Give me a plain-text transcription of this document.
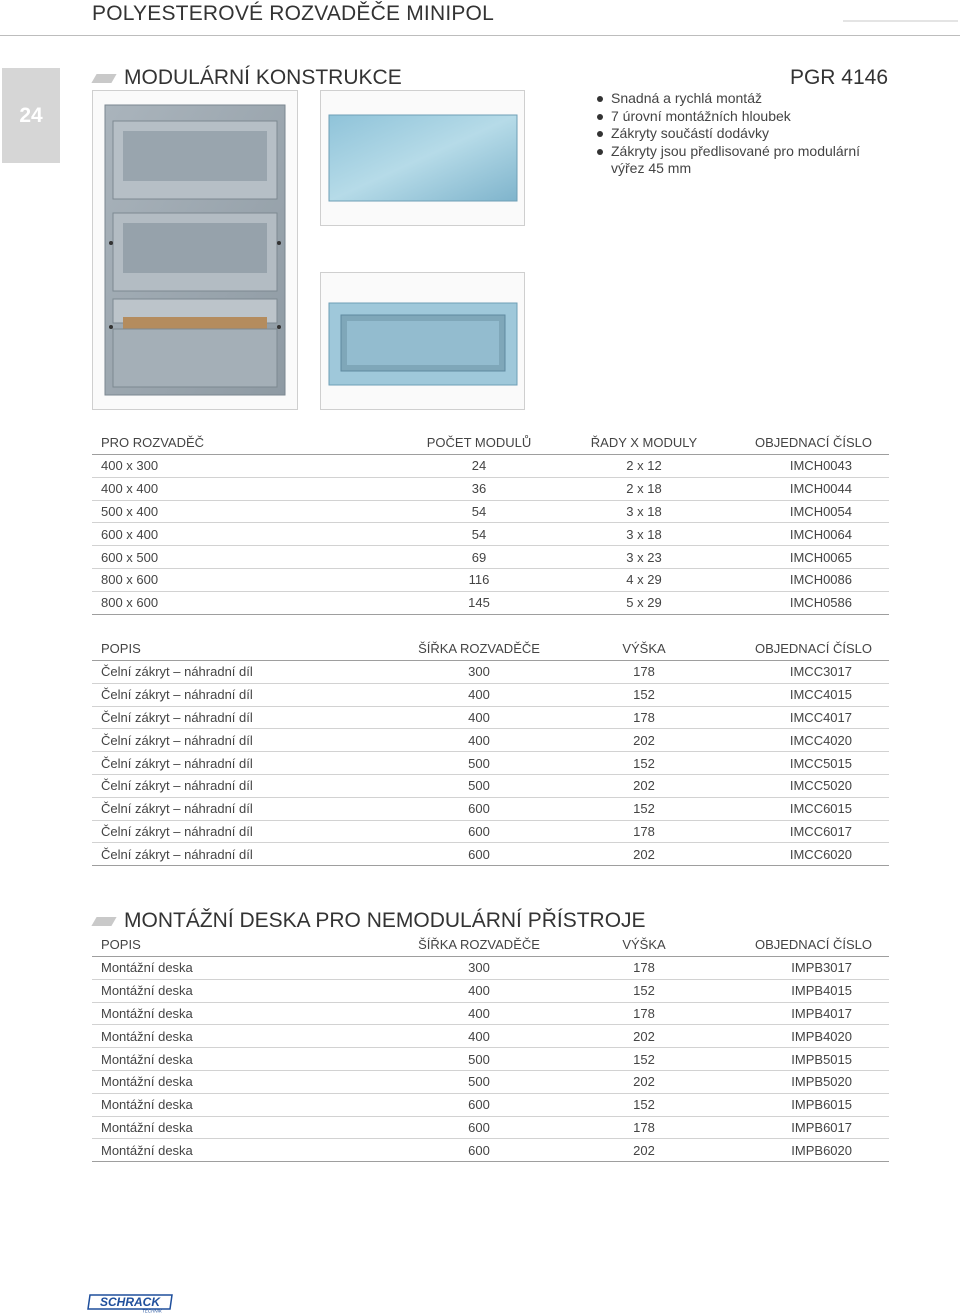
POLYESTEROVÉ ROZVADĚČE MINIPOL
24
MODULÁRNÍ KONSTRUKCE	PGR 4146
Snadná a rychlá montáž
7 úrovní montážních hloubek
Zákryty součástí dodávky
Zákryty jsou předlisované pro modulární výřez 45 mm
PRO ROZVADĚČ	POČET MODULŮ	ŘADY X MODULY	OBJEDNACÍ ČÍSLO
400 x 300	24	2 x 12	IMCH0043
400 x 400	36	2 x 18	IMCH0044
500 x 400	54	3 x 18	IMCH0054
600 x 400	54	3 x 18	IMCH0064
600 x 500	69	3 x 23	IMCH0065
800 x 600	116	4 x 29	IMCH0086
800 x 600	145	5 x 29	IMCH0586
POPIS	ŠÍŘKA ROZVADĚČE	VÝŠKA	OBJEDNACÍ ČÍSLO
Čelní zákryt – náhradní díl	300	178	IMCC3017
Čelní zákryt – náhradní díl	400	152	IMCC4015
Čelní zákryt – náhradní díl	400	178	IMCC4017
Čelní zákryt – náhradní díl	400	202	IMCC4020
Čelní zákryt – náhradní díl	500	152	IMCC5015
Čelní zákryt – náhradní díl	500	202	IMCC5020
Čelní zákryt – náhradní díl	600	152	IMCC6015
Čelní zákryt – náhradní díl	600	178	IMCC6017
Čelní zákryt – náhradní díl	600	202	IMCC6020
MONTÁŽNÍ DESKA PRO NEMODULÁRNÍ PŘÍSTROJE
POPIS	ŠÍŘKA ROZVADĚČE	VÝŠKA	OBJEDNACÍ ČÍSLO
Montážní deska	300	178	IMPB3017
Montážní deska	400	152	IMPB4015
Montážní deska	400	178	IMPB4017
Montážní deska	400	202	IMPB4020
Montážní deska	500	152	IMPB5015
Montážní deska	500	202	IMPB5020
Montážní deska	600	152	IMPB6015
Montážní deska	600	178	IMPB6017
Montážní deska	600	202	IMPB6020
SCHRACK
TECHNIK
